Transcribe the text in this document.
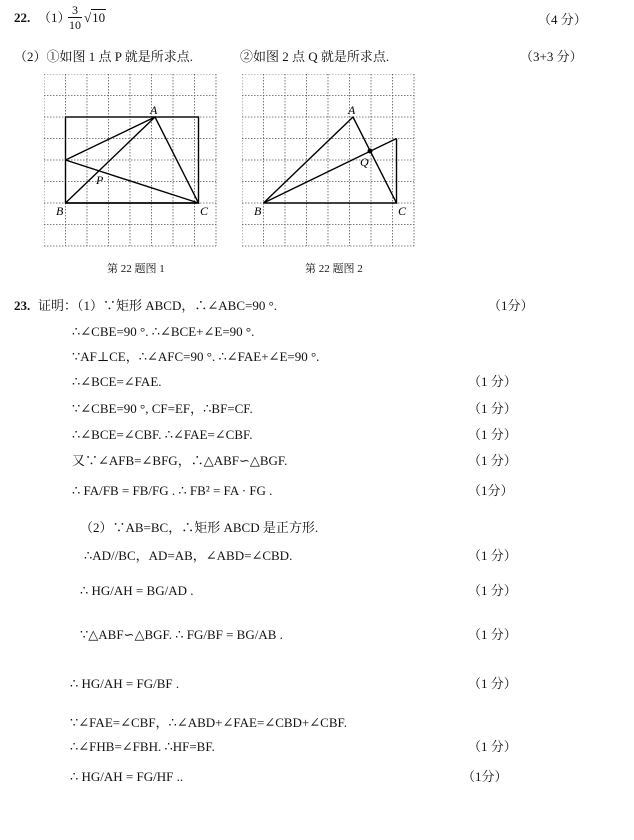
22. （1）
$\frac{3}{10} √10$	（4 分）
（2）①如图 1 点 P 就是所求点.	②如图 2 点 Q 就是所求点.	（3+3 分）
A
B	C
P
第 22 题图 1
A
B	C
Q
第 22 题图 2
23. 证明：（1）∵矩形 ABCD，∴∠ABC=90 °.	（1分）
∴∠CBE=90 °. ∴∠BCE+∠E=90 °.
∵AF⊥CE，∴∠AFC=90 °. ∴∠FAE+∠E=90 °.
∴∠BCE=∠FAE.	（1 分）
∵∠CBE=90 °, CF=EF，∴BF=CF.	（1 分）
∴∠BCE=∠CBF. ∴∠FAE=∠CBF.	（1 分）
又∵∠AFB=∠BFG，∴△ABF∽△BGF.	（1 分）
∴ FA/FB = FB/FG . ∴ FB² = FA · FG .	（1分）
（2）∵AB=BC，∴矩形 ABCD 是正方形.
∴AD//BC，AD=AB，∠ABD=∠CBD.	（1 分）
∴ HG/AH = BG/AD .	（1 分）
∵△ABF∽△BGF. ∴ FG/BF = BG/AB .	（1 分）
∴ HG/AH = FG/BF .	（1 分）
∵∠FAE=∠CBF，∴∠ABD+∠FAE=∠CBD+∠CBF.
∴∠FHB=∠FBH. ∴HF=BF.	（1 分）
∴ HG/AH = FG/HF ..	（1分）
